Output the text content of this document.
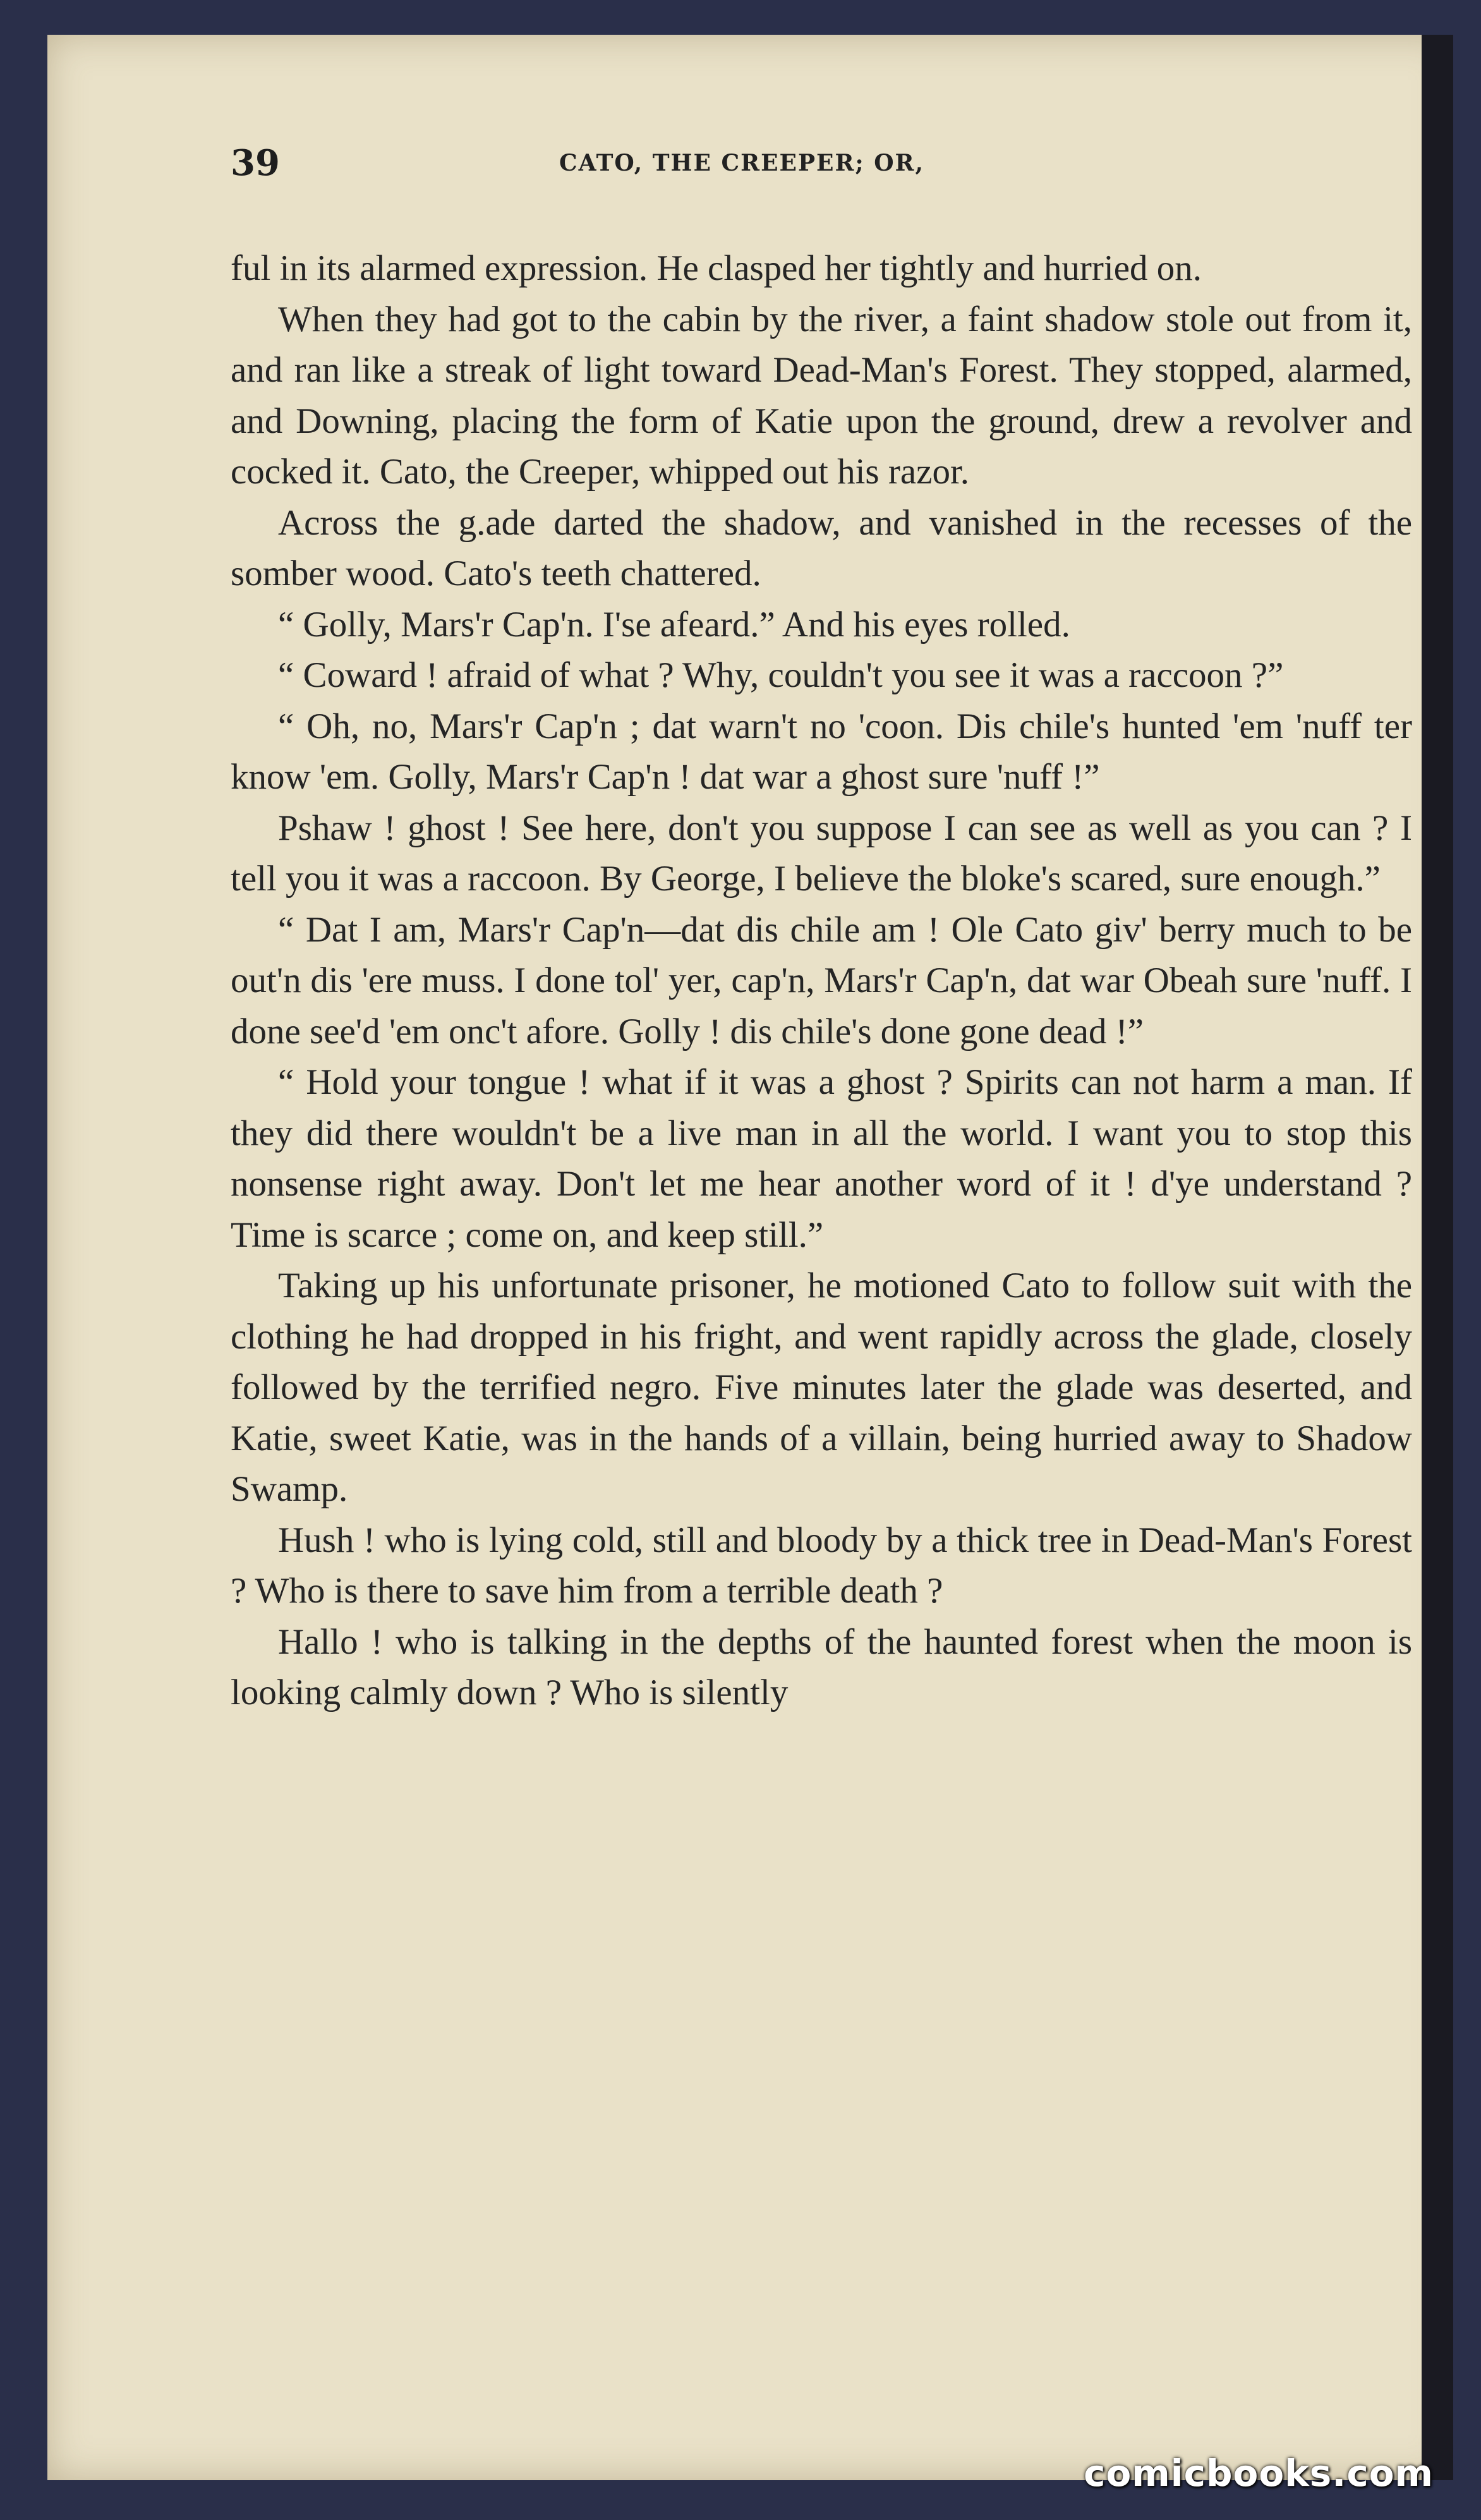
39	CATO, THE CREEPER; OR,

ful in its alarmed expression. He clasped her tightly and hurried on.

When they had got to the cabin by the river, a faint shadow stole out from it, and ran like a streak of light toward Dead-Man's Forest. They stopped, alarmed, and Downing, placing the form of Katie upon the ground, drew a revolver and cocked it. Cato, the Creeper, whipped out his razor.

Across the g.ade darted the shadow, and vanished in the recesses of the somber wood. Cato's teeth chattered.

“ Golly, Mars'r Cap'n. I'se afeard.” And his eyes rolled.

“ Coward ! afraid of what ? Why, couldn't you see it was a raccoon ?”

“ Oh, no, Mars'r Cap'n ; dat warn't no 'coon. Dis chile's hunted 'em 'nuff ter know 'em. Golly, Mars'r Cap'n ! dat war a ghost sure 'nuff !”

Pshaw ! ghost ! See here, don't you suppose I can see as well as you can ? I tell you it was a raccoon. By George, I believe the bloke's scared, sure enough.”

“ Dat I am, Mars'r Cap'n—dat dis chile am ! Ole Cato giv' berry much to be out'n dis 'ere muss. I done tol' yer, cap'n, Mars'r Cap'n, dat war Obeah sure 'nuff. I done see'd 'em onc't afore. Golly ! dis chile's done gone dead !”

“ Hold your tongue ! what if it was a ghost ? Spirits can not harm a man. If they did there wouldn't be a live man in all the world. I want you to stop this nonsense right away. Don't let me hear another word of it ! d'ye understand ? Time is scarce ; come on, and keep still.”

Taking up his unfortunate prisoner, he motioned Cato to follow suit with the clothing he had dropped in his fright, and went rapidly across the glade, closely followed by the terrified negro. Five minutes later the glade was deserted, and Katie, sweet Katie, was in the hands of a villain, being hurried away to Shadow Swamp.

Hush ! who is lying cold, still and bloody by a thick tree in Dead-Man's Forest ? Who is there to save him from a terrible death ?

Hallo ! who is talking in the depths of the haunted forest when the moon is looking calmly down ? Who is silently

comicbooks.com
